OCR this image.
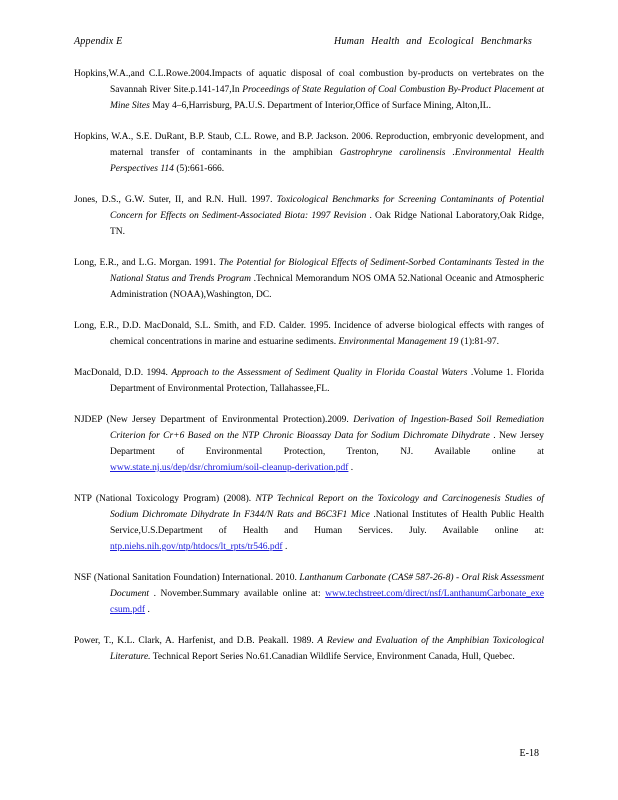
Appendix E	Human Health and Ecological Benchmarks

Hopkins,W.A.,and C.L.Rowe.2004.Impacts of aquatic disposal of coal combustion by-products on vertebrates on the Savannah River Site.p.141-147,In Proceedings of State Regulation of Coal Combustion By-Product Placement at Mine Sites May 4–6,Harrisburg, PA.U.S. Department of Interior,Office of Surface Mining, Alton,IL.

Hopkins, W.A., S.E. DuRant, B.P. Staub, C.L. Rowe, and B.P. Jackson. 2006. Reproduction, embryonic development, and maternal transfer of contaminants in the amphibian Gastrophryne carolinensis .Environmental Health Perspectives 114 (5):661-666.

Jones, D.S., G.W. Suter, II, and R.N. Hull. 1997. Toxicological Benchmarks for Screening Contaminants of Potential Concern for Effects on Sediment-Associated Biota: 1997 Revision . Oak Ridge National Laboratory,Oak Ridge, TN.

Long, E.R., and L.G. Morgan. 1991. The Potential for Biological Effects of Sediment-Sorbed Contaminants Tested in the National Status and Trends Program .Technical Memorandum NOS OMA 52.National Oceanic and Atmospheric Administration (NOAA),Washington, DC.

Long, E.R., D.D. MacDonald, S.L. Smith, and F.D. Calder. 1995. Incidence of adverse biological effects with ranges of chemical concentrations in marine and estuarine sediments. Environmental Management 19 (1):81-97.

MacDonald, D.D. 1994. Approach to the Assessment of Sediment Quality in Florida Coastal Waters .Volume 1. Florida Department of Environmental Protection, Tallahassee,FL.

NJDEP (New Jersey Department of Environmental Protection).2009. Derivation of Ingestion-Based Soil Remediation Criterion for Cr+6 Based on the NTP Chronic Bioassay Data for Sodium Dichromate Dihydrate . New Jersey Department of Environmental Protection, Trenton, NJ. Available online at www.state.nj.us/dep/dsr/chromium/soil-cleanup-derivation.pdf .

NTP (National Toxicology Program) (2008). NTP Technical Report on the Toxicology and Carcinogenesis Studies of Sodium Dichromate Dihydrate In F344/N Rats and B6C3F1 Mice .National Institutes of Health Public Health Service,U.S.Department of Health and Human Services. July. Available online at: ntp.niehs.nih.gov/ntp/htdocs/lt_rpts/tr546.pdf .

NSF (National Sanitation Foundation) International. 2010. Lanthanum Carbonate (CAS# 587-26-8) - Oral Risk Assessment Document . November.Summary available online at: www.techstreet.com/direct/nsf/LanthanumCarbonate_exe csum.pdf .

Power, T., K.L. Clark, A. Harfenist, and D.B. Peakall. 1989. A Review and Evaluation of the Amphibian Toxicological Literature. Technical Report Series No.61.Canadian Wildlife Service, Environment Canada, Hull, Quebec.

E-18
